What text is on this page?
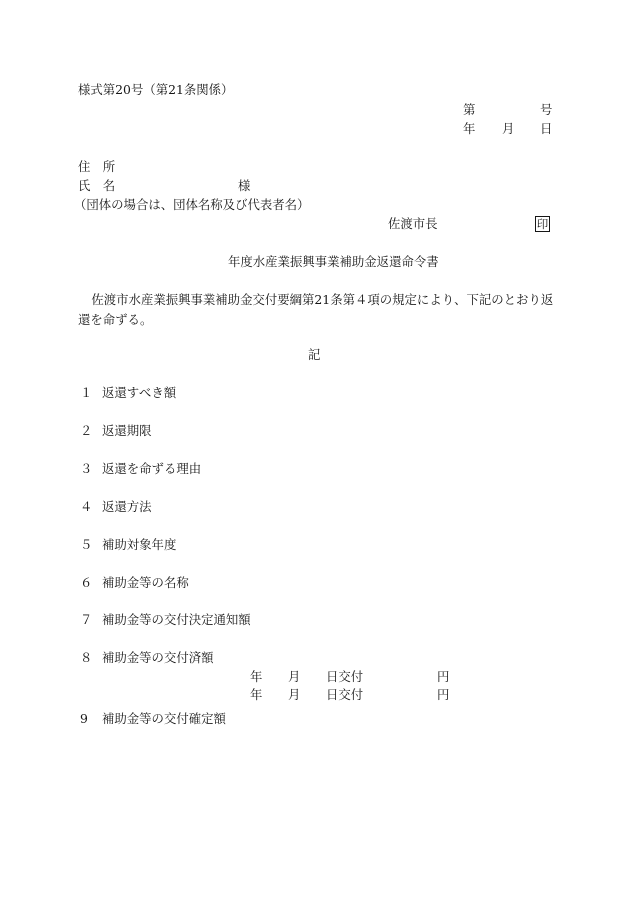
様式第20号（第21条関係）
第	号
年 月 日
住　所
氏　名	様
（団体の場合は、団体名称及び代表者名）
佐渡市長	印
年度水産業振興事業補助金返還命令書
　佐渡市水産業振興事業補助金交付要綱第21条第４項の規定により、下記のとおり返
還を命ずる。
記
１ 返還すべき額
２ 返還期限
３ 返還を命ずる理由
４ 返還方法
５ 補助対象年度
６ 補助金等の名称
７ 補助金等の交付決定通知額
８ 補助金等の交付済額
年 月 日交付	円
年 月 日交付	円
9 補助金等の交付確定額
